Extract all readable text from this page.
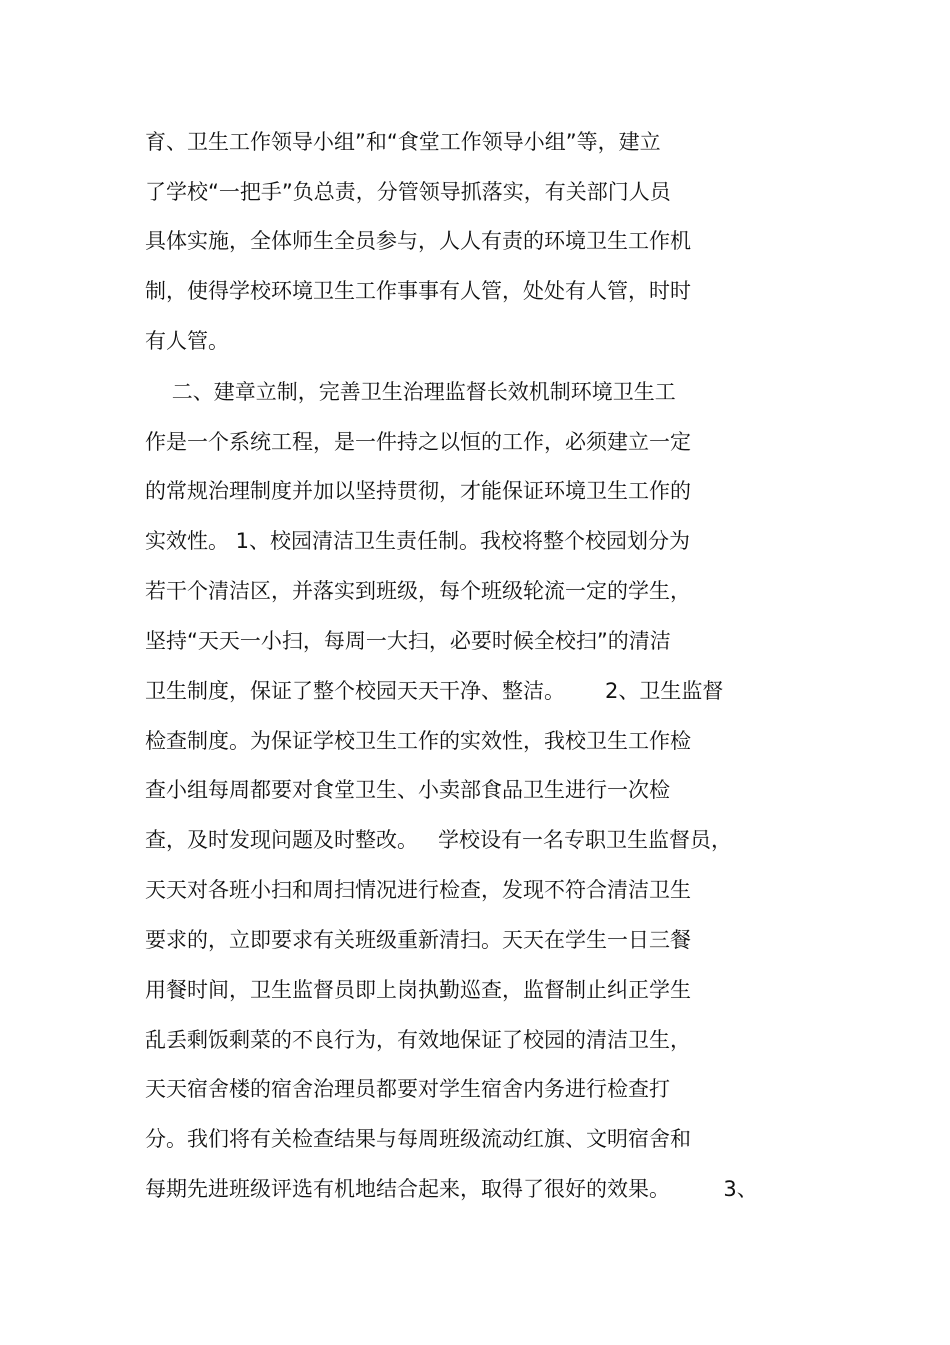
育、卫生工作领导小组”和“食堂工作领导小组”等，建立
了学校“一把手”负总责，分管领导抓落实，有关部门人员
具体实施，全体师生全员参与，人人有责的环境卫生工作机
制，使得学校环境卫生工作事事有人管，处处有人管，时时
有人管。
二、建章立制，完善卫生治理监督长效机制环境卫生工
作是一个系统工程，是一件持之以恒的工作，必须建立一定
的常规治理制度并加以坚持贯彻，才能保证环境卫生工作的
实效性。 1、校园清洁卫生责任制。我校将整个校园划分为
若干个清洁区，并落实到班级，每个班级轮流一定的学生，
坚持“天天一小扫，每周一大扫，必要时候全校扫”的清洁
卫生制度，保证了整个校园天天干净、整洁。      2、卫生监督
检查制度。为保证学校卫生工作的实效性，我校卫生工作检
查小组每周都要对食堂卫生、小卖部食品卫生进行一次检
查，及时发现问题及时整改。   学校设有一名专职卫生监督员，
天天对各班小扫和周扫情况进行检查，发现不符合清洁卫生
要求的，立即要求有关班级重新清扫。天天在学生一日三餐
用餐时间，卫生监督员即上岗执勤巡查，监督制止纠正学生
乱丢剩饭剩菜的不良行为，有效地保证了校园的清洁卫生，
天天宿舍楼的宿舍治理员都要对学生宿舍内务进行检查打
分。我们将有关检查结果与每周班级流动红旗、文明宿舍和
每期先进班级评选有机地结合起来，取得了很好的效果。        3、
